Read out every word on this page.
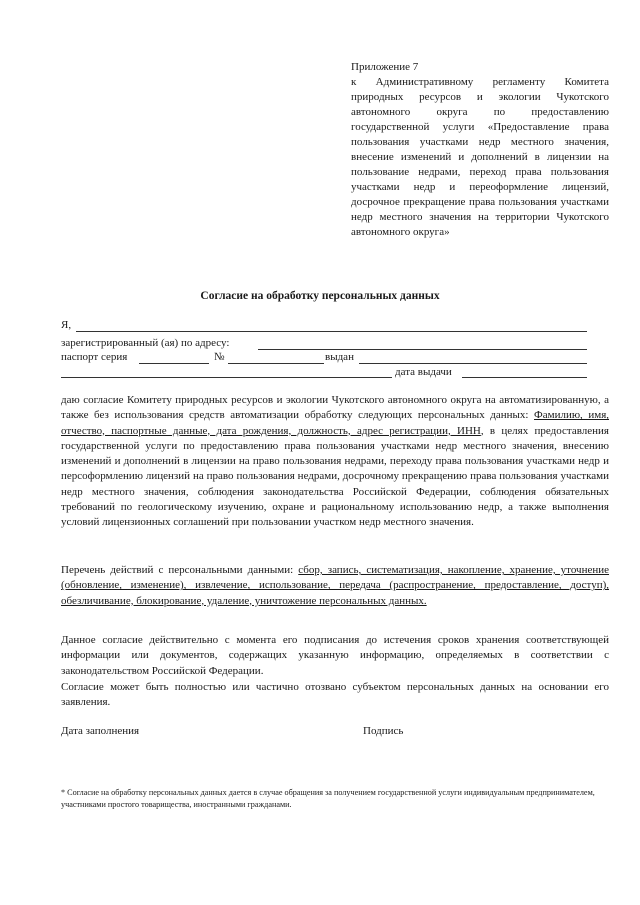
Приложение 7
к Административному регламенту Комитета природных ресурсов и экологии Чукотского автономного округа по предоставлению государственной услуги «Предоставление права пользования участками недр местного значения, внесение изменений и дополнений в лицензии на пользование недрами, переход права пользования участками недр и переоформление лицензий, досрочное прекращение права пользования участками недр местного значения на территории Чукотского автономного округа»
Согласие на обработку персональных данных
Я,
зарегистрированный (ая) по адресу:
паспорт серия	№	выдан
дата выдачи
даю согласие Комитету природных ресурсов и экологии Чукотского автономного округа на автоматизированную, а также без использования средств автоматизации обработку следующих персональных данных: Фамилию, имя, отчество, паспортные данные, дата рождения, должность, адрес регистрации, ИНН, в целях предоставления государственной услуги по предоставлению права пользования участками недр местного значения, внесению изменений и дополнений в лицензии на право пользования недрами, переходу права пользования участками недр и персоформлению лицензий на право пользования недрами, досрочному прекращению права пользования участками недр местного значения, соблюдения законодательства Российской Федерации, соблюдения обязательных требований по геологическому изучению, охране и рациональному использованию недр, а также выполнения условий лицензионных соглашений при пользовании участком недр местного значения.
Перечень действий с персональными данными: сбор, запись, систематизация, накопление, хранение, уточнение (обновление, изменение), извлечение, использование, передача (распространение, предоставление, доступ), обезличивание, блокирование, удаление, уничтожение персональных данных.
Данное согласие действительно с момента его подписания до истечения сроков хранения соответствующей информации или документов, содержащих указанную информацию, определяемых в соответствии с законодательством Российской Федерации.
Согласие может быть полностью или частично отозвано субъектом персональных данных на основании его заявления.
Дата заполнения	Подпись
* Согласие на обработку персональных данных дается в случае обращения за получением государственной услуги индивидуальным предпринимателем, участниками простого товарищества, иностранными гражданами.
